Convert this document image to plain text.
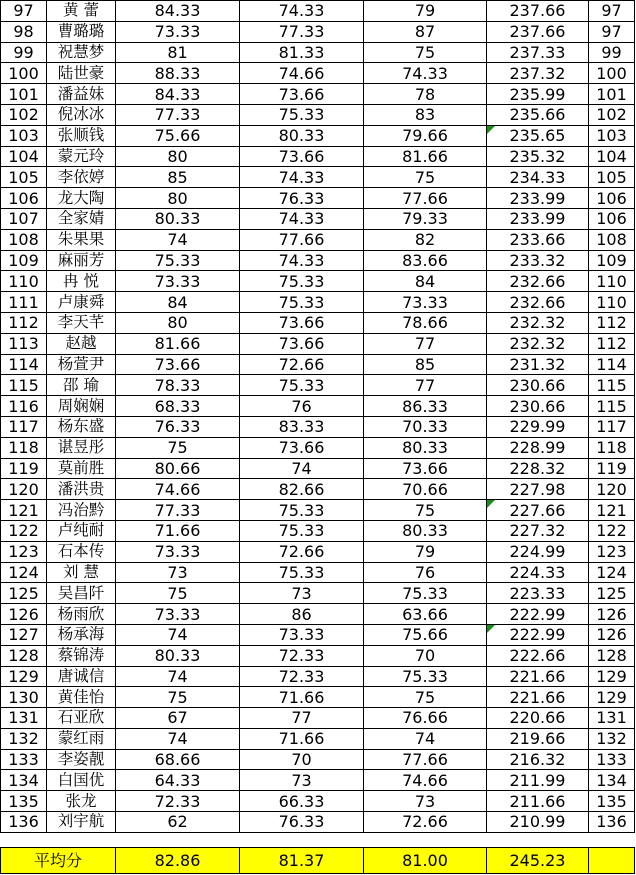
97	黄 蕾	84.33	74.33	79	237.66	97
98	曹璐璐	73.33	77.33	87	237.66	97
99	祝慧梦	81	81.33	75	237.33	99
100	陆世豪	88.33	74.66	74.33	237.32	100
101	潘益妹	84.33	73.66	78	235.99	101
102	倪冰冰	77.33	75.33	83	235.66	102
103	张顺钱	75.66	80.33	79.66	235.65	103
104	蒙元玲	80	73.66	81.66	235.32	104
105	李依婷	85	74.33	75	234.33	105
106	龙大陶	80	76.33	77.66	233.99	106
107	全家婧	80.33	74.33	79.33	233.99	106
108	朱果果	74	77.66	82	233.66	108
109	麻丽芳	75.33	74.33	83.66	233.32	109
110	冉 悦	73.33	75.33	84	232.66	110
111	卢康舜	84	75.33	73.33	232.66	110
112	李天芊	80	73.66	78.66	232.32	112
113	赵越	81.66	73.66	77	232.32	112
114	杨萱尹	73.66	72.66	85	231.32	114
115	邵 瑜	78.33	75.33	77	230.66	115
116	周娴娴	68.33	76	86.33	230.66	115
117	杨东盛	76.33	83.33	70.33	229.99	117
118	谌昱彤	75	73.66	80.33	228.99	118
119	莫前胜	80.66	74	73.66	228.32	119
120	潘洪贵	74.66	82.66	70.66	227.98	120
121	冯治黔	77.33	75.33	75	227.66	121
122	卢纯耐	71.66	75.33	80.33	227.32	122
123	石本传	73.33	72.66	79	224.99	123
124	刘 慧	73	75.33	76	224.33	124
125	吴昌阡	75	73	75.33	223.33	125
126	杨雨欣	73.33	86	63.66	222.99	126
127	杨承海	74	73.33	75.66	222.99	126
128	蔡锦涛	80.33	72.33	70	222.66	128
129	唐诚信	74	72.33	75.33	221.66	129
130	黄佳怡	75	71.66	75	221.66	129
131	石亚欣	67	77	76.66	220.66	131
132	蒙红雨	74	71.66	74	219.66	132
133	李姿靓	68.66	70	77.66	216.32	133
134	白国优	64.33	73	74.66	211.99	134
135	张龙	72.33	66.33	73	211.66	135
136	刘宇航	62	76.33	72.66	210.99	136
平均分	82.86	81.37	81.00	245.23	
